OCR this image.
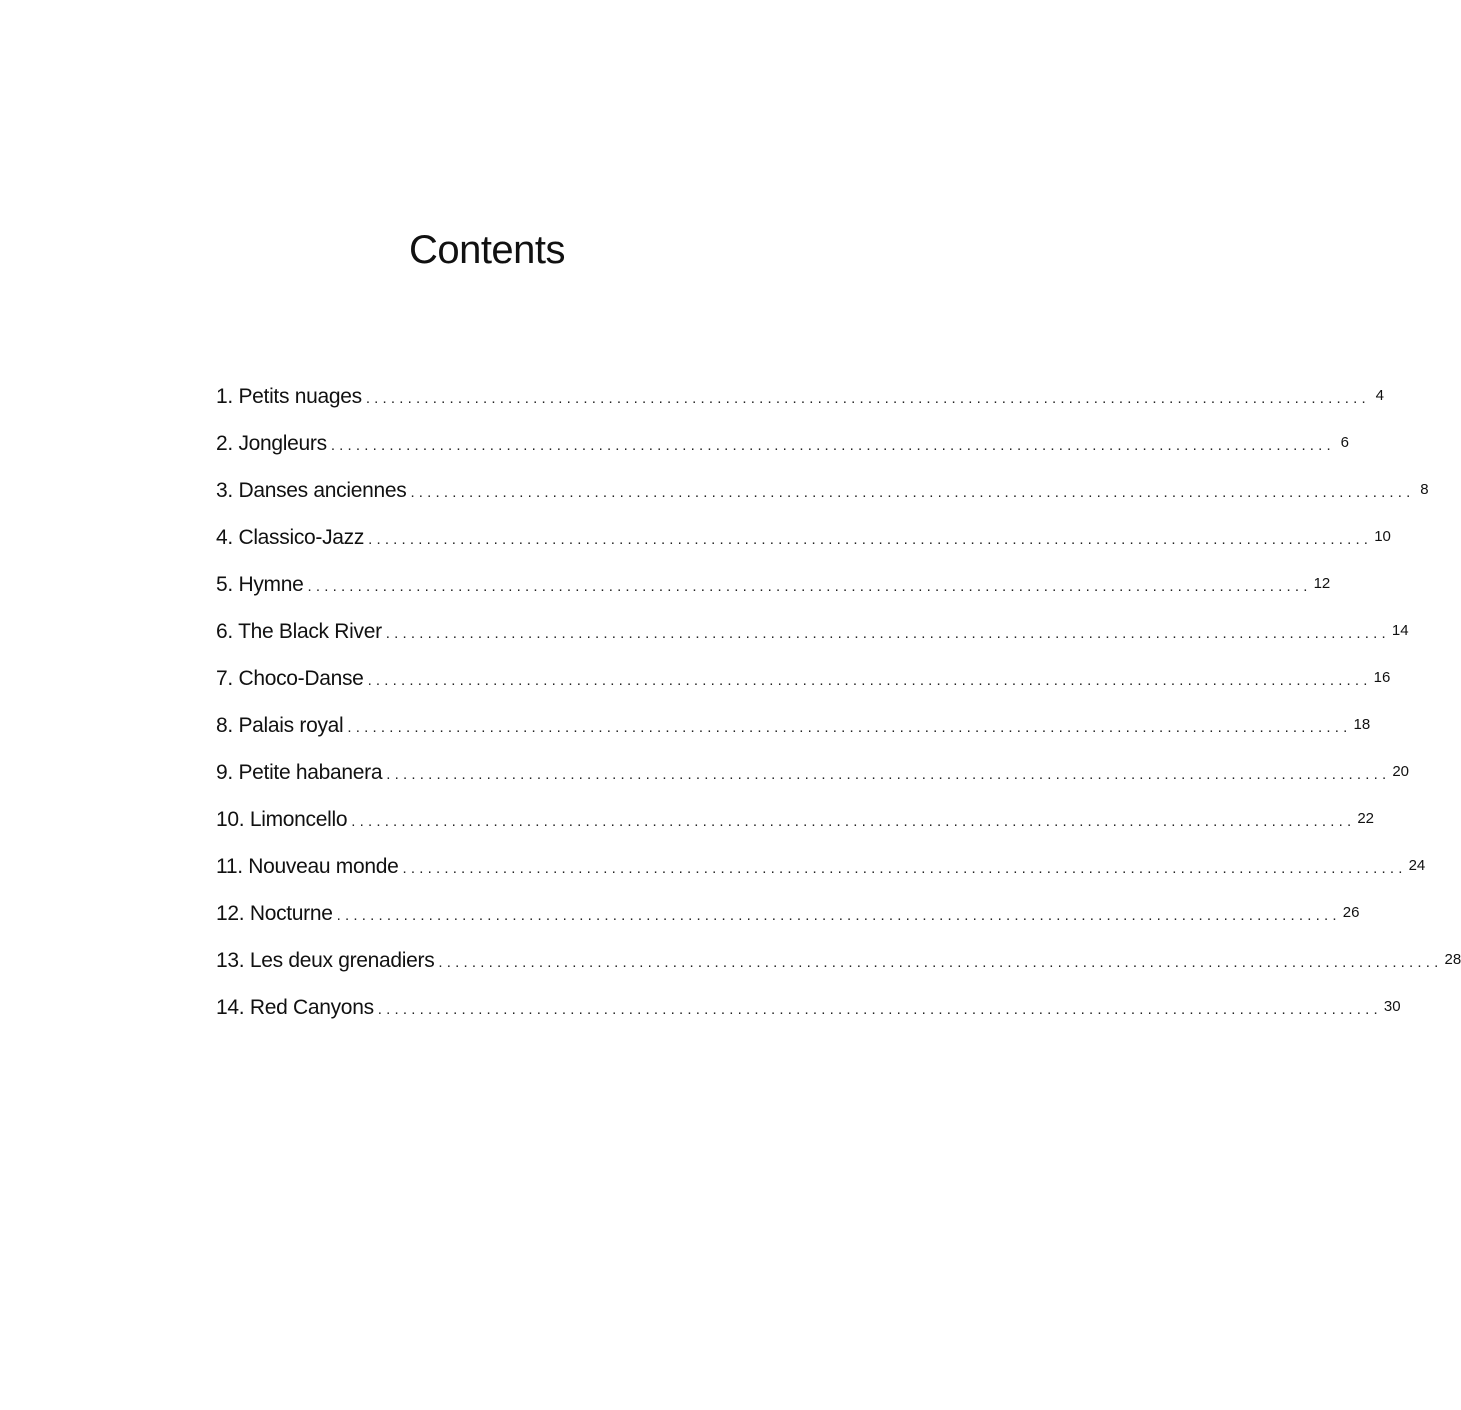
Contents
1. Petits nuages ........................................................................................................................ 4
2. Jongleurs ........................................................................................................................ 6
3. Danses anciennes ........................................................................................................................ 8
4. Classico-Jazz ........................................................................................................................ 10
5. Hymne ........................................................................................................................ 12
6. The Black River ........................................................................................................................ 14
7. Choco-Danse ........................................................................................................................ 16
8. Palais royal ........................................................................................................................ 18
9. Petite habanera ........................................................................................................................ 20
10. Limoncello ........................................................................................................................ 22
11. Nouveau monde ........................................................................................................................ 24
12. Nocturne ........................................................................................................................ 26
13. Les deux grenadiers ........................................................................................................................ 28
14. Red Canyons ........................................................................................................................ 30
